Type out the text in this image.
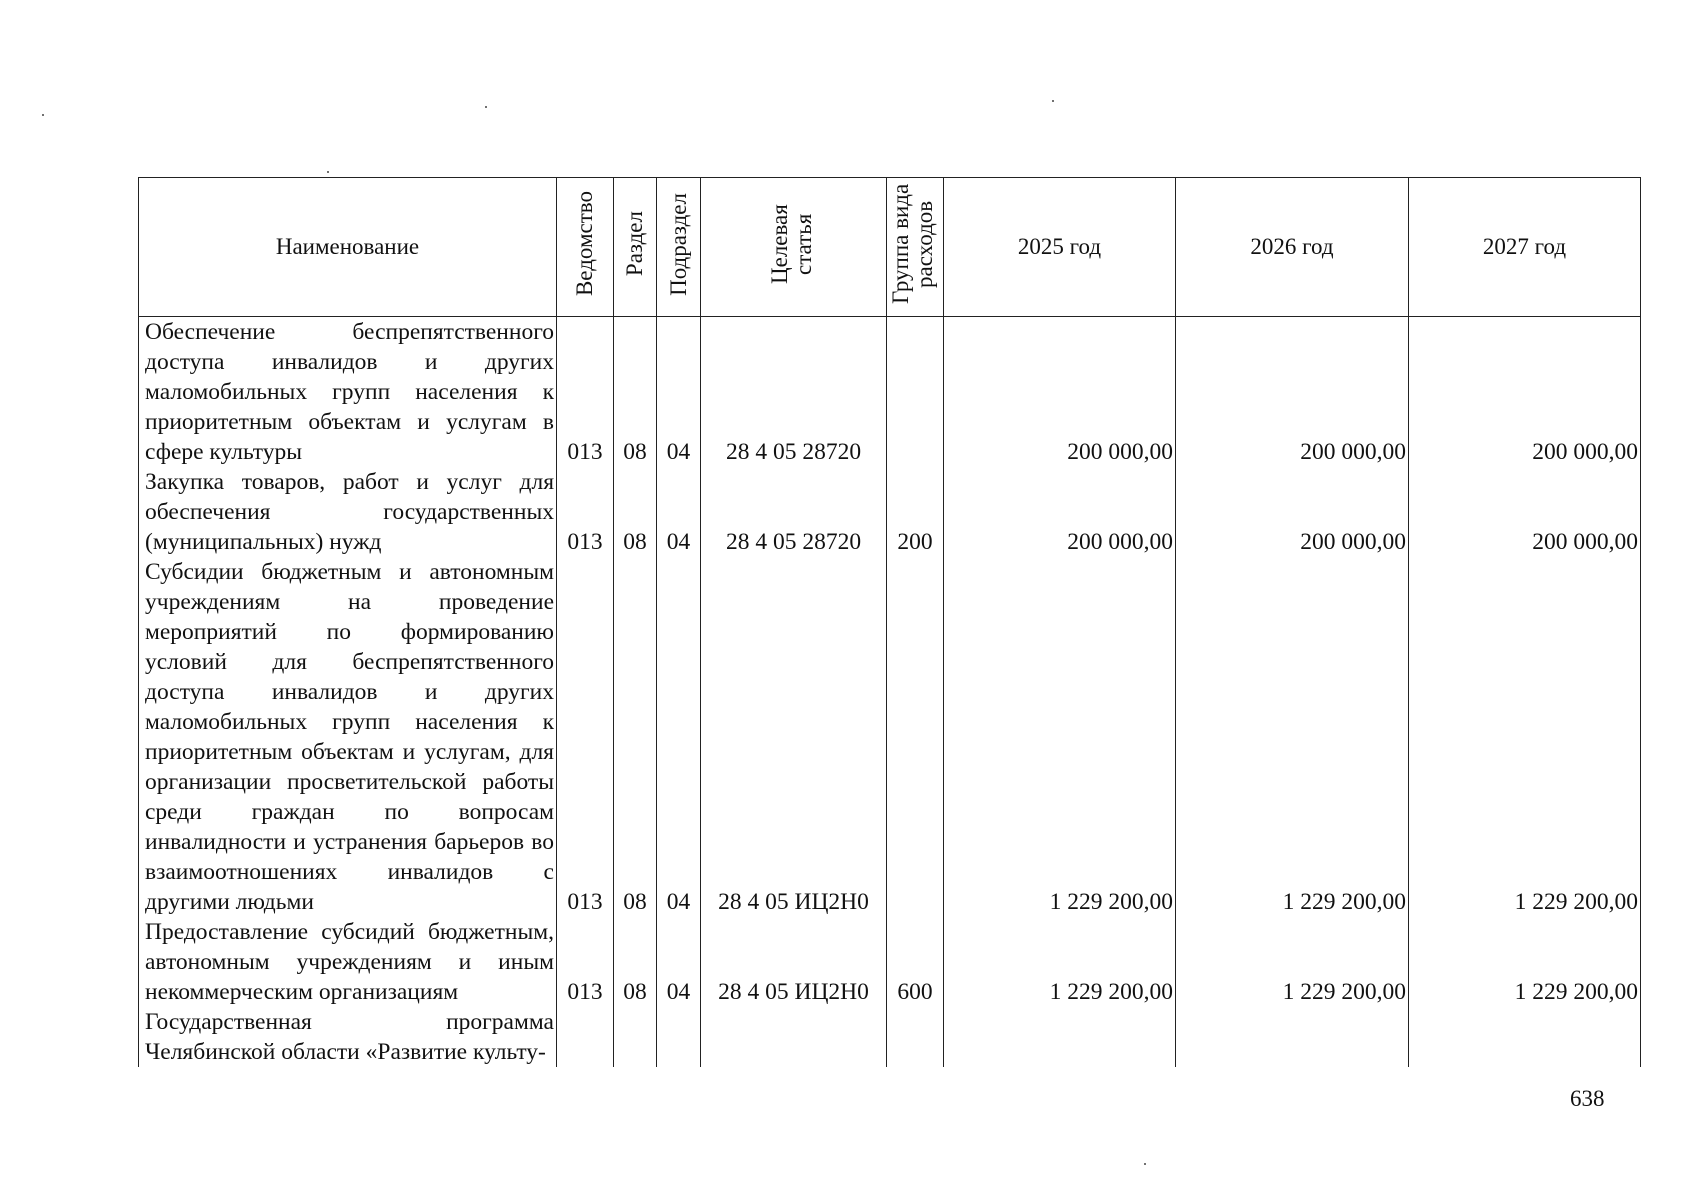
Наименование	Ведомство	Раздел	Подраздел	Целевая статья	Группа вида расходов	2025 год	2026 год	2027 год
Обеспечение беспрепятственного доступа инвалидов и других маломобильных групп населения к приоритетным объектам и услугам в сфере культуры	013	08	04	28 4 05 28720		200 000,00	200 000,00	200 000,00
Закупка товаров, работ и услуг для обеспечения государственных (муниципальных) нужд	013	08	04	28 4 05 28720	200	200 000,00	200 000,00	200 000,00
Субсидии бюджетным и автономным учреждениям на проведение мероприятий по формированию условий для беспрепятственного доступа инвалидов и других маломобильных групп населения к приоритетным объектам и услугам, для организации просветительской работы среди граждан по вопросам инвалидности и устранения барьеров во взаимоотношениях инвалидов с другими людьми	013	08	04	28 4 05 ИЦ2Н0		1 229 200,00	1 229 200,00	1 229 200,00
Предоставление субсидий бюджетным, автономным учреждениям и иным некоммерческим организациям	013	08	04	28 4 05 ИЦ2Н0	600	1 229 200,00	1 229 200,00	1 229 200,00
Государственная программа Челябинской области «Развитие культу-								
638
